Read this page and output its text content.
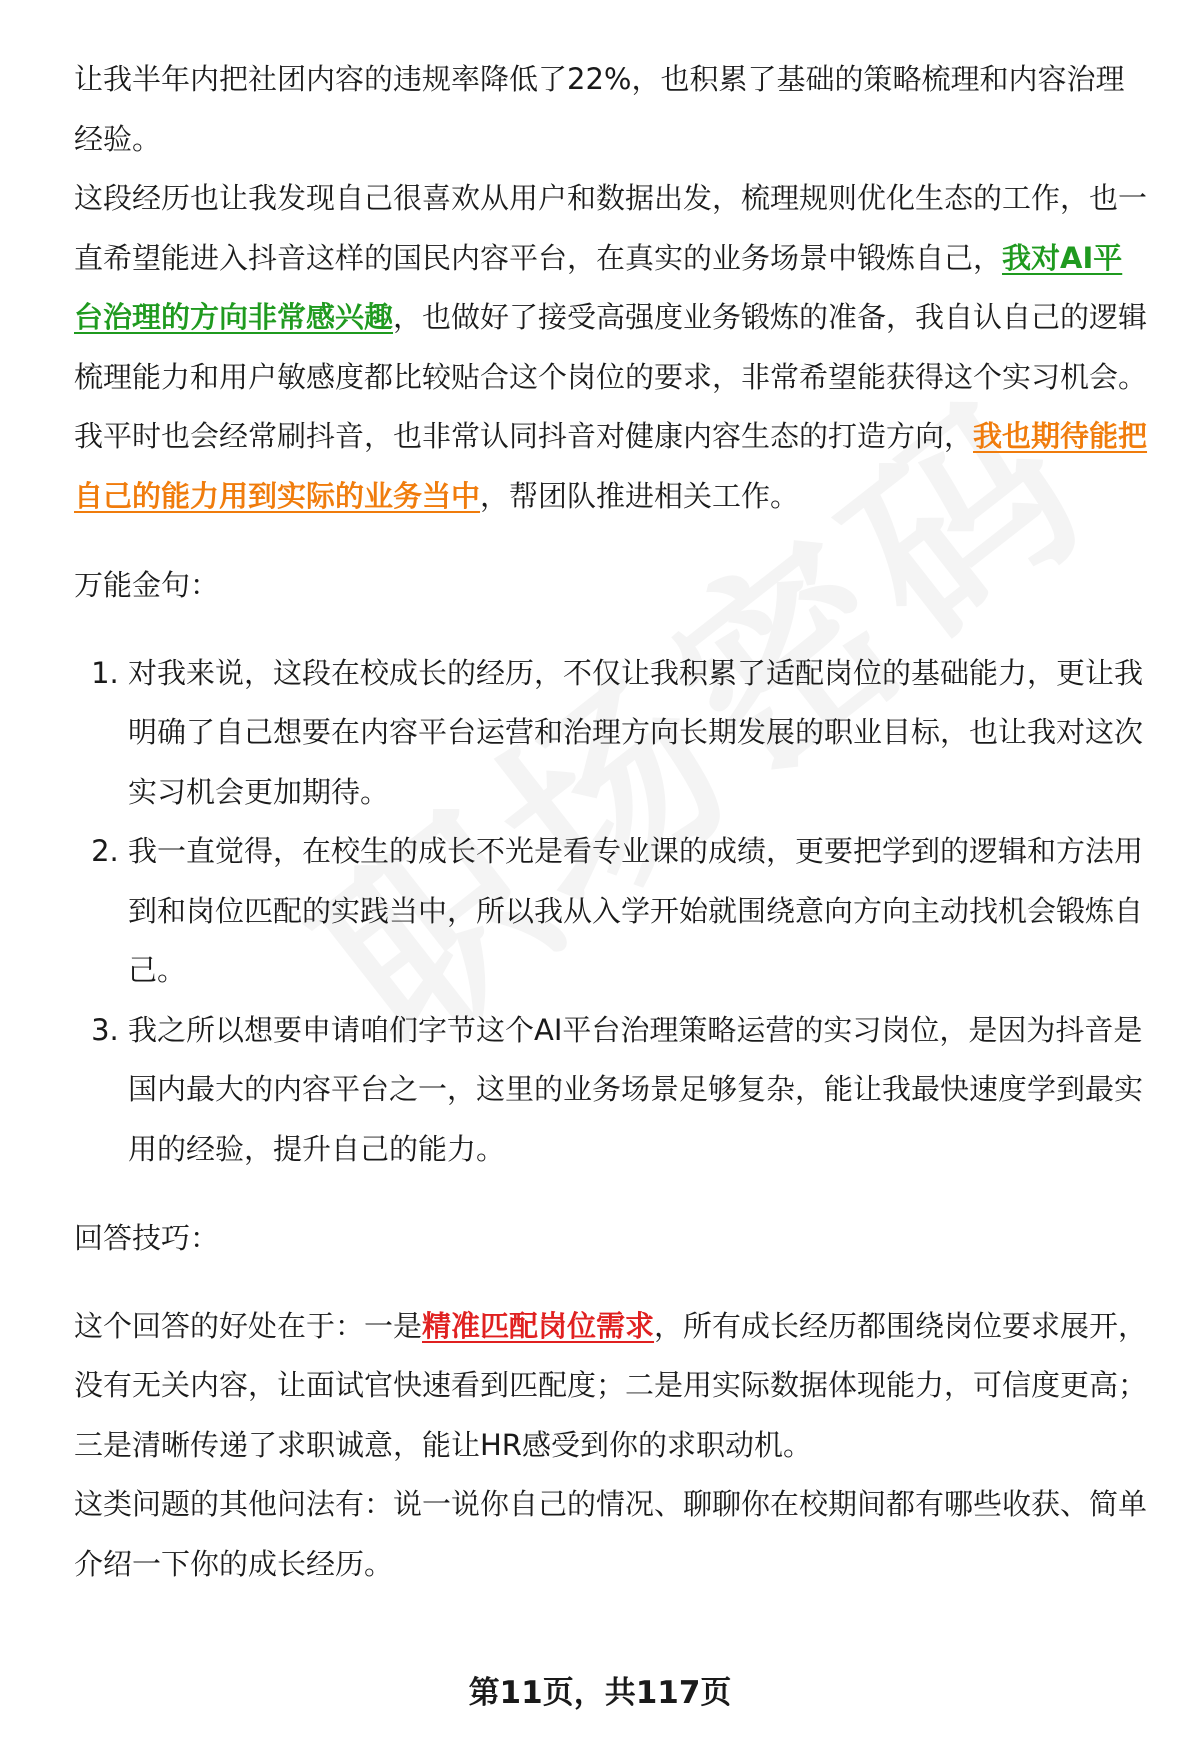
让我半年内把社团内容的违规率降低了22%，也积累了基础的策略梳理和内容治理经验。

这段经历也让我发现自己很喜欢从用户和数据出发，梳理规则优化生态的工作，也一直希望能进入抖音这样的国民内容平台，在真实的业务场景中锻炼自己，我对AI平台治理的方向非常感兴趣，也做好了接受高强度业务锻炼的准备，我自认自己的逻辑梳理能力和用户敏感度都比较贴合这个岗位的要求，非常希望能获得这个实习机会。

我平时也会经常刷抖音，也非常认同抖音对健康内容生态的打造方向，我也期待能把自己的能力用到实际的业务当中，帮团队推进相关工作。

万能金句：

1. 对我来说，这段在校成长的经历，不仅让我积累了适配岗位的基础能力，更让我明确了自己想要在内容平台运营和治理方向长期发展的职业目标，也让我对这次实习机会更加期待。
2. 我一直觉得，在校生的成长不光是看专业课的成绩，更要把学到的逻辑和方法用到和岗位匹配的实践当中，所以我从入学开始就围绕意向方向主动找机会锻炼自己。
3. 我之所以想要申请咱们字节这个AI平台治理策略运营的实习岗位，是因为抖音是国内最大的内容平台之一，这里的业务场景足够复杂，能让我最快速度学到最实用的经验，提升自己的能力。

回答技巧：

这个回答的好处在于：一是精准匹配岗位需求，所有成长经历都围绕岗位要求展开，没有无关内容，让面试官快速看到匹配度；二是用实际数据体现能力，可信度更高；三是清晰传递了求职诚意，能让HR感受到你的求职动机。

这类问题的其他问法有：说一说你自己的情况、聊聊你在校期间都有哪些收获、简单介绍一下你的成长经历。

第11页，共117页
